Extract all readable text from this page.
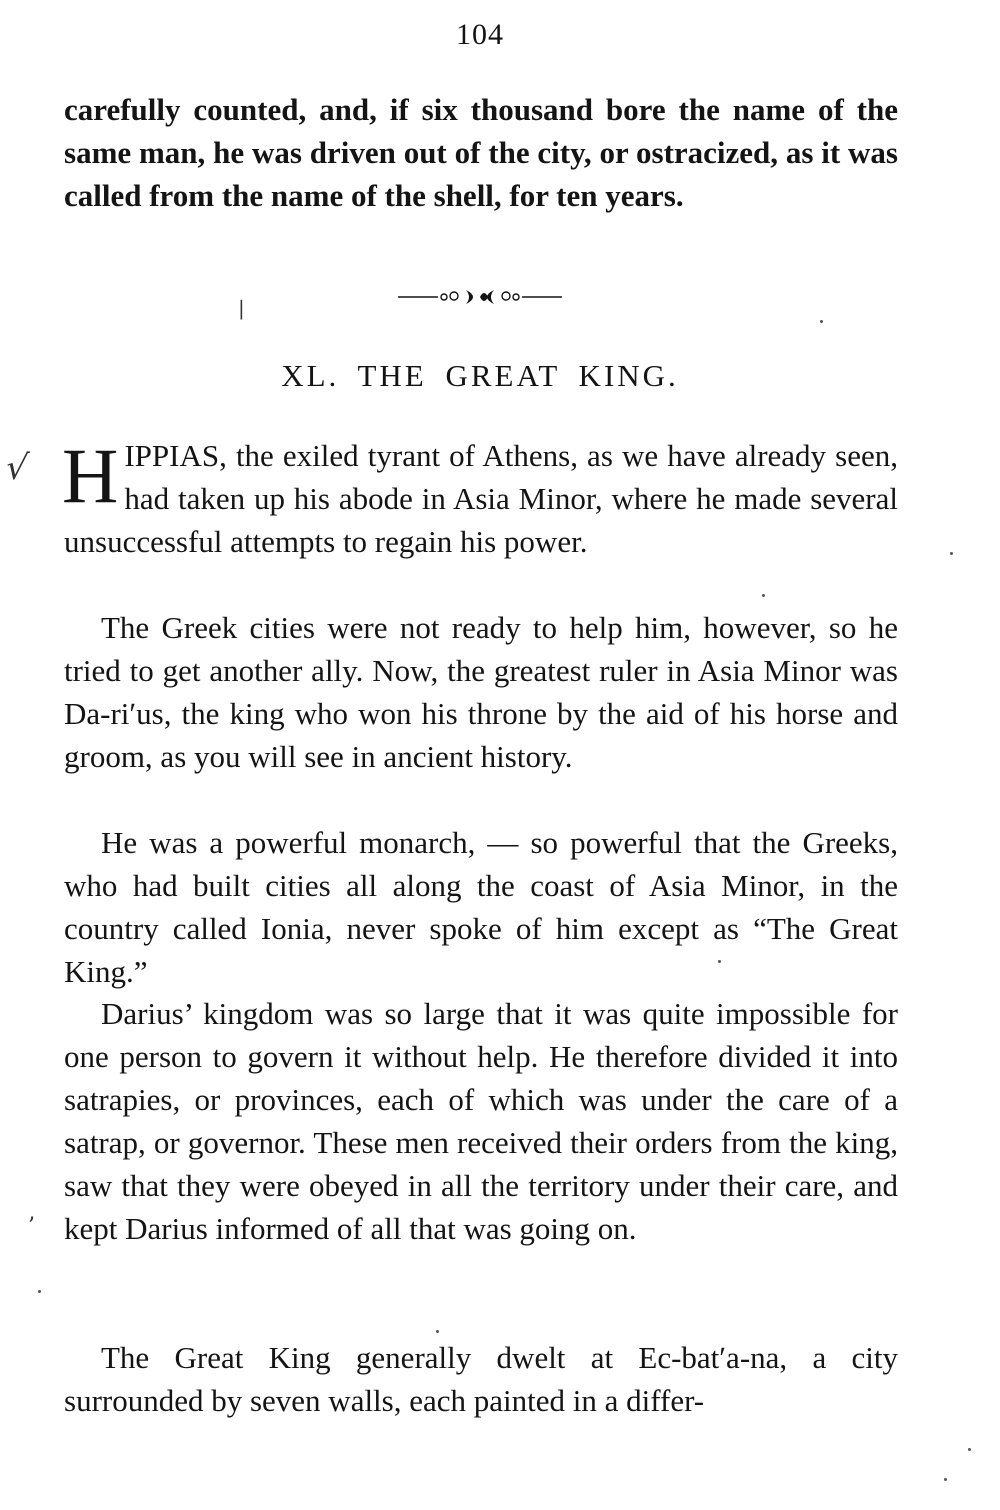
104

carefully counted, and, if six thousand bore the name of the same man, he was driven out of the city, or ostracized, as it was called from the name of the shell, for ten years.

XL. THE GREAT KING.

HIPPIAS, the exiled tyrant of Athens, as we have already seen, had taken up his abode in Asia Minor, where he made several unsuccessful attempts to regain his power.

The Greek cities were not ready to help him, however, so he tried to get another ally. Now, the greatest ruler in Asia Minor was Da-riʹus, the king who won his throne by the aid of his horse and groom, as you will see in ancient history.

He was a powerful monarch, — so powerful that the Greeks, who had built cities all along the coast of Asia Minor, in the country called Ionia, never spoke of him except as “The Great King.”

Darius’ kingdom was so large that it was quite impossible for one person to govern it without help. He therefore divided it into satrapies, or provinces, each of which was under the care of a satrap, or governor. These men received their orders from the king, saw that they were obeyed in all the territory under their care, and kept Darius informed of all that was going on.

The Great King generally dwelt at Ec-batʹa-na, a city surrounded by seven walls, each painted in a differ-

√
|
’
